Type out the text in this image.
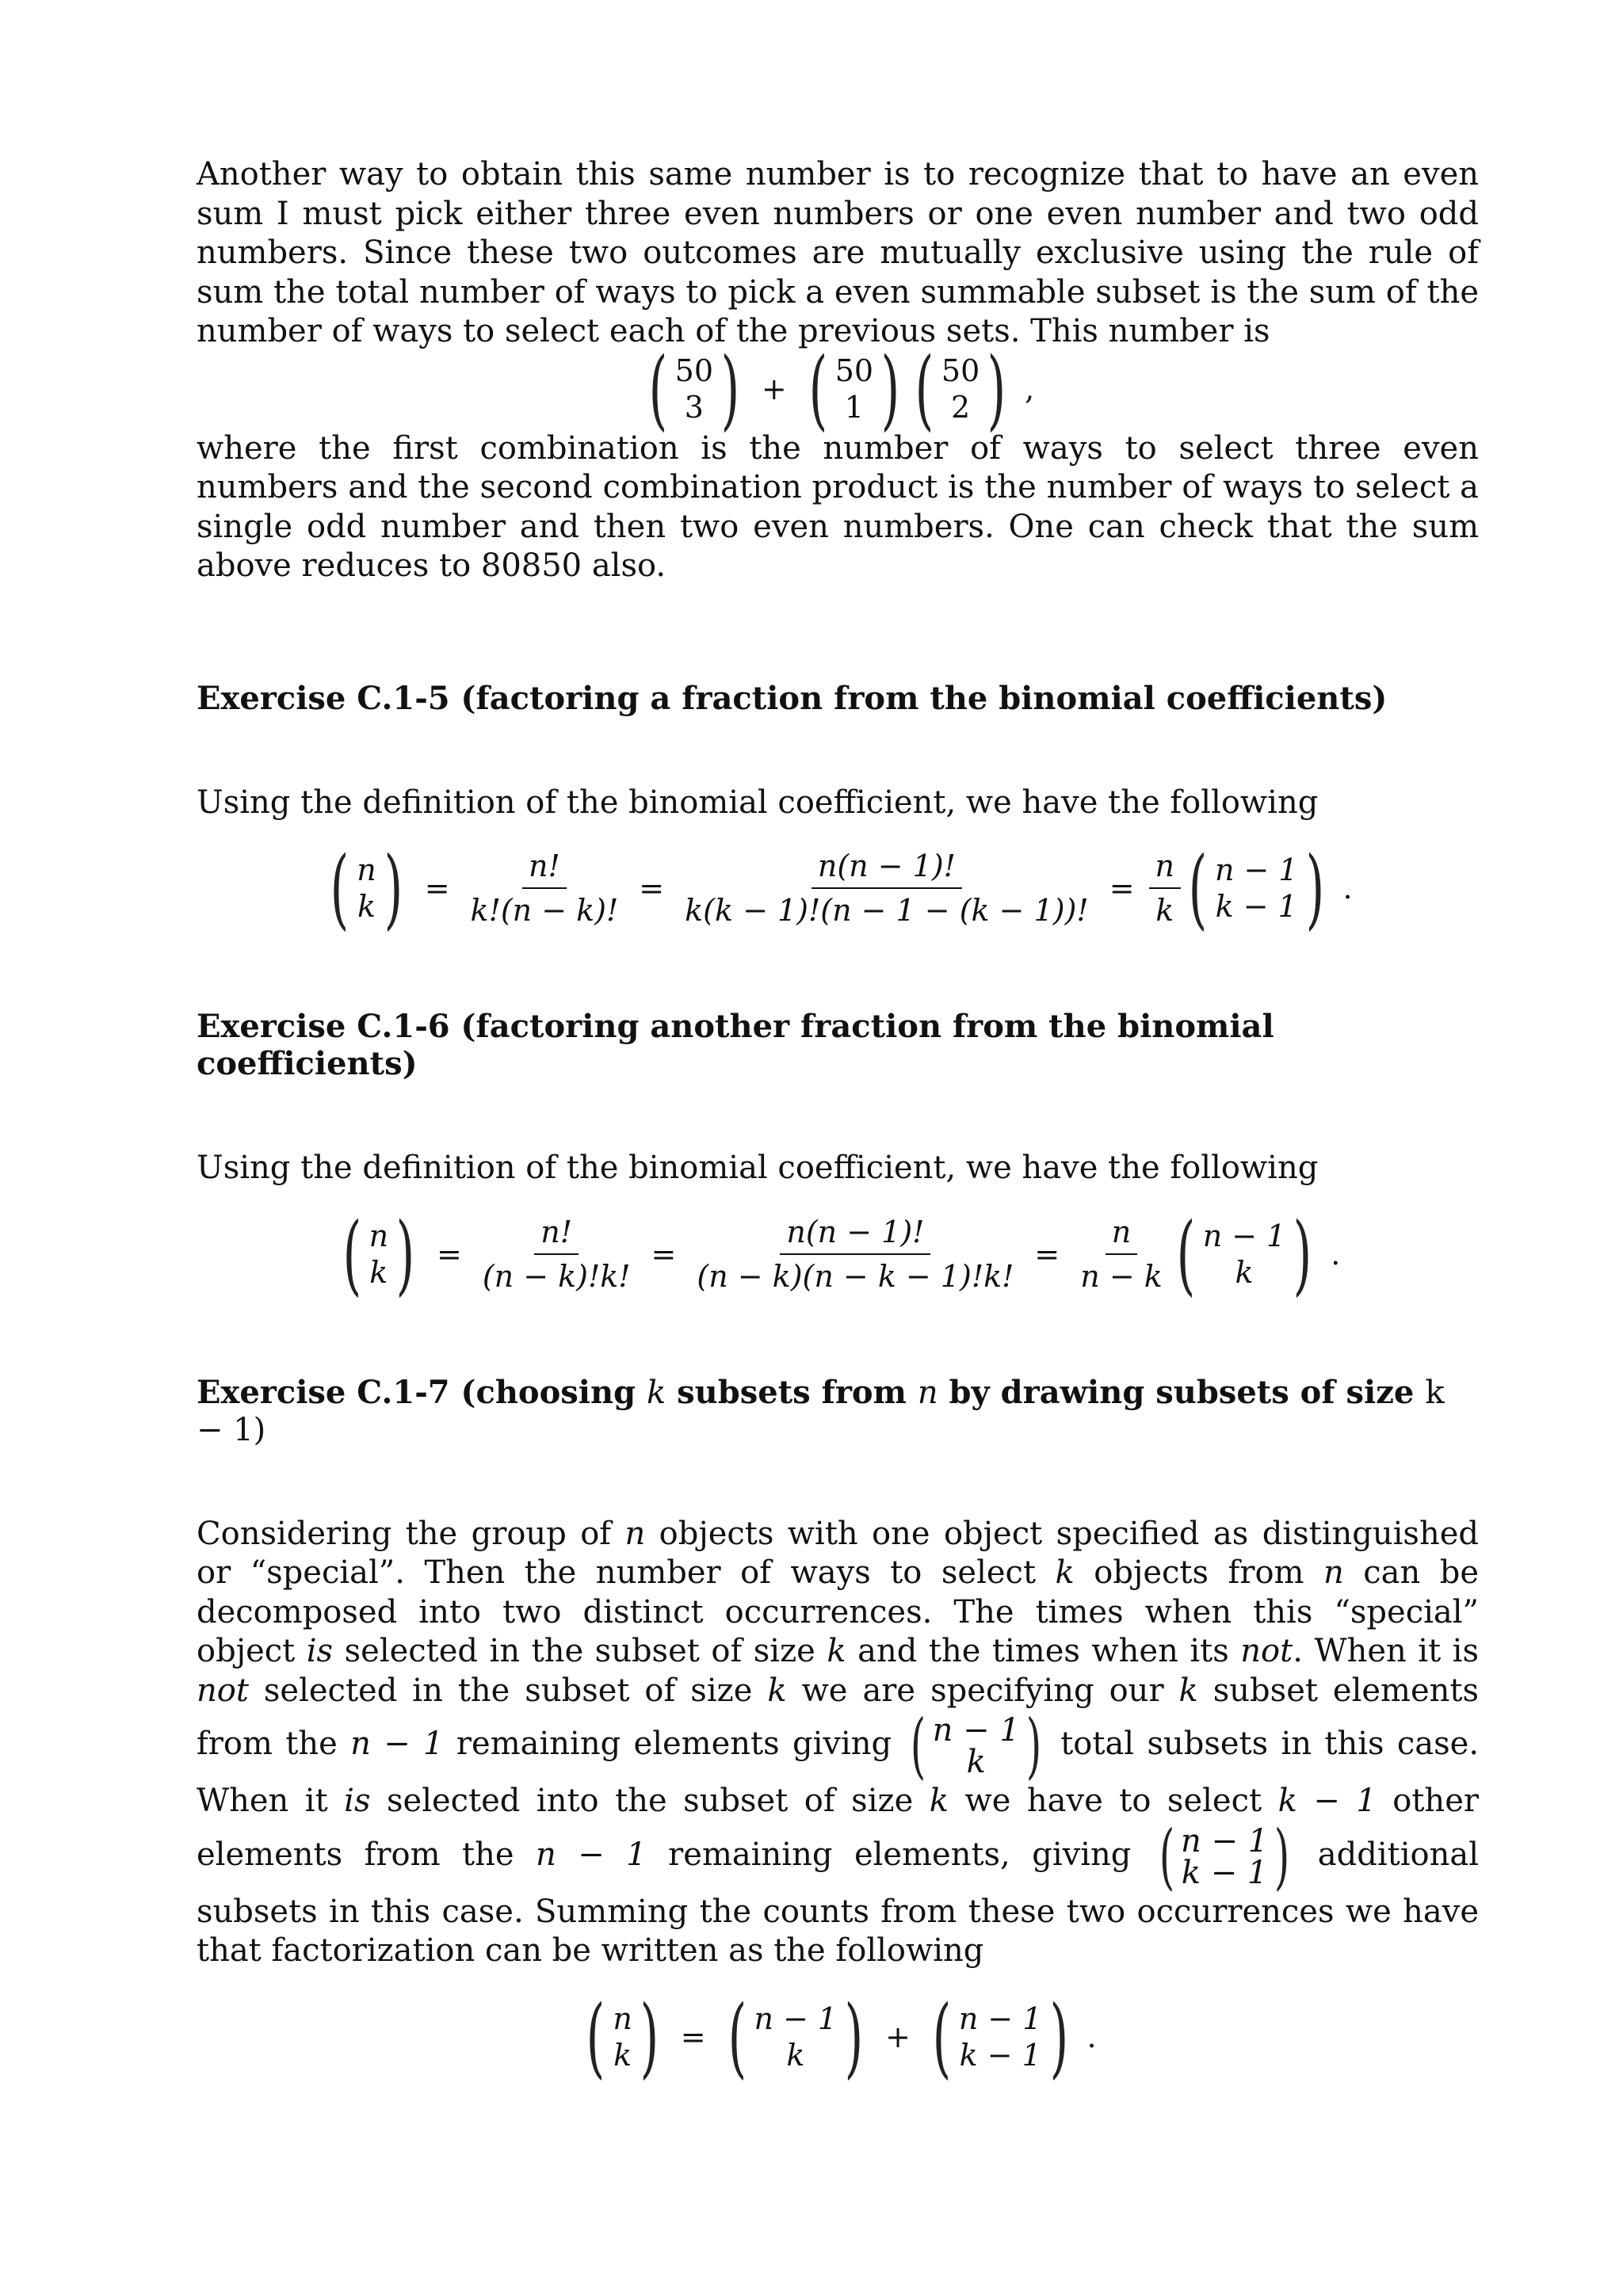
Another way to obtain this same number is to recognize that to have an even sum I must pick either three even numbers or one even number and two odd numbers. Since these two outcomes are mutually exclusive using the rule of sum the total number of ways to pick a even summable subset is the sum of the number of ways to select each of the previous sets. This number is

( 50
3 ) + ( 50
1 ) ( 50
2 ) ,

where the first combination is the number of ways to select three even numbers and the second combination product is the number of ways to select a single odd number and then two even numbers. One can check that the sum above reduces to 80850 also.

Exercise C.1-5 (factoring a fraction from the binomial coefficients)

Using the definition of the binomial coefficient, we have the following

( n
k ) = $\frac{n!}{k!(n - k)!} = \frac{n(n - 1)!}{k(k - 1)!(n - 1 - (k - 1))!} = \frac{n}{k}$ ( n − 1
k − 1 ) .

Exercise C.1-6 (factoring another fraction from the binomial coefficients)

Using the definition of the binomial coefficient, we have the following

( n
k ) = $\frac{n!}{(n - k)!k!} = \frac{n(n - 1)!}{(n - k)(n - k - 1)!k!} = \frac{n}{n - k}$ ( n − 1
k ) .

Exercise C.1-7 (choosing k subsets from n by drawing subsets of size k − 1)

Considering the group of n objects with one object specified as distinguished or “special”. Then the number of ways to select k objects from n can be decomposed into two distinct occurrences. The times when this “special” object is selected in the subset of size k and the times when its not. When it is not selected in the subset of size k we are specifying our k subset elements from the n − 1 remaining elements giving ( n − 1
k ) total subsets in this case. When it is selected into the subset of size k we have to select k − 1 other elements from the n − 1 remaining elements, giving ( n − 1
k − 1 ) additional subsets in this case. Summing the counts from these two occurrences we have that factorization can be written as the following

( n
k ) = ( n − 1
k ) + ( n − 1
k − 1 ) .
